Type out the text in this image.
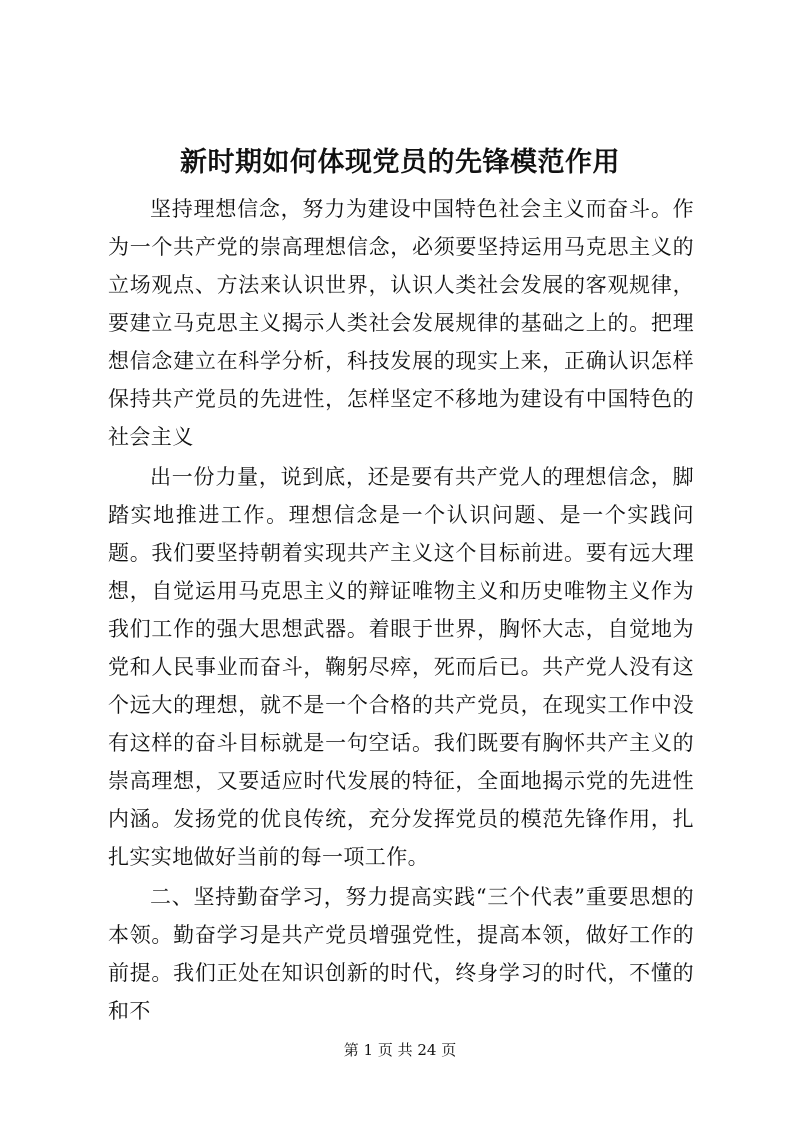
新时期如何体现党员的先锋模范作用

坚持理想信念，努力为建设中国特色社会主义而奋斗。作为一个共产党的崇高理想信念，必须要坚持运用马克思主义的立场观点、方法来认识世界，认识人类社会发展的客观规律，要建立马克思主义揭示人类社会发展规律的基础之上的。把理想信念建立在科学分析，科技发展的现实上来，正确认识怎样保持共产党员的先进性，怎样坚定不移地为建设有中国特色的社会主义

出一份力量，说到底，还是要有共产党人的理想信念，脚踏实地推进工作。理想信念是一个认识问题、是一个实践问题。我们要坚持朝着实现共产主义这个目标前进。要有远大理想，自觉运用马克思主义的辩证唯物主义和历史唯物主义作为我们工作的强大思想武器。着眼于世界，胸怀大志，自觉地为党和人民事业而奋斗，鞠躬尽瘁，死而后已。共产党人没有这个远大的理想，就不是一个合格的共产党员，在现实工作中没有这样的奋斗目标就是一句空话。我们既要有胸怀共产主义的崇高理想，又要适应时代发展的特征，全面地揭示党的先进性内涵。发扬党的优良传统，充分发挥党员的模范先锋作用，扎扎实实地做好当前的每一项工作。

二、坚持勤奋学习，努力提高实践“三个代表”重要思想的本领。勤奋学习是共产党员增强党性，提高本领，做好工作的前提。我们正处在知识创新的时代，终身学习的时代，不懂的和不

第 1 页 共 24 页
